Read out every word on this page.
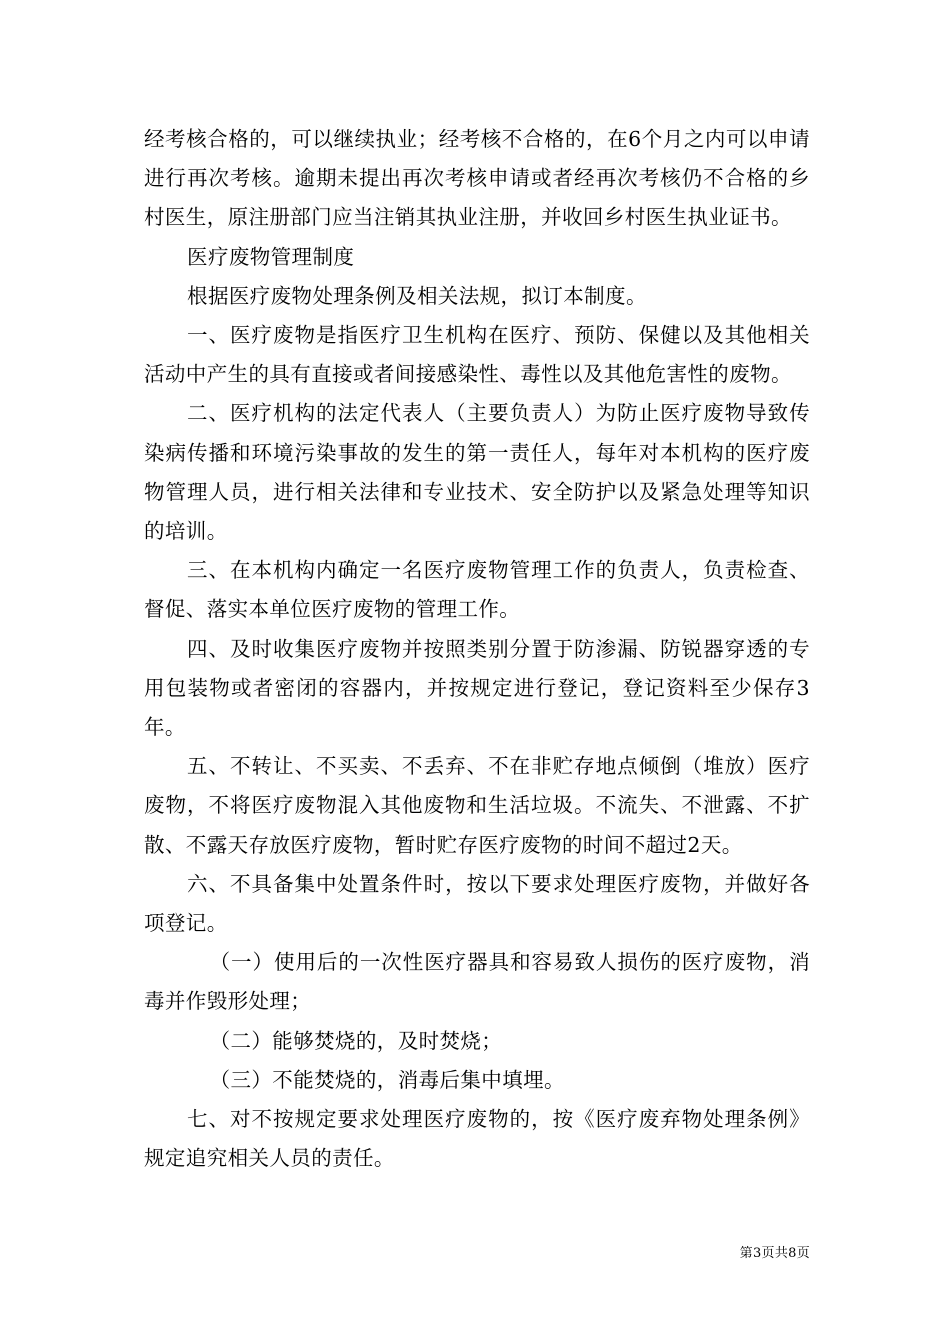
经考核合格的，可以继续执业；经考核不合格的，在6个月之内可以申请进行再次考核。逾期未提出再次考核申请或者经再次考核仍不合格的乡村医生，原注册部门应当注销其执业注册，并收回乡村医生执业证书。

医疗废物管理制度

根据医疗废物处理条例及相关法规，拟订本制度。

一、医疗废物是指医疗卫生机构在医疗、预防、保健以及其他相关活动中产生的具有直接或者间接感染性、毒性以及其他危害性的废物。

二、医疗机构的法定代表人（主要负责人）为防止医疗废物导致传染病传播和环境污染事故的发生的第一责任人，每年对本机构的医疗废物管理人员，进行相关法律和专业技术、安全防护以及紧急处理等知识的培训。

三、在本机构内确定一名医疗废物管理工作的负责人，负责检查、督促、落实本单位医疗废物的管理工作。

四、及时收集医疗废物并按照类别分置于防渗漏、防锐器穿透的专用包装物或者密闭的容器内，并按规定进行登记，登记资料至少保存3年。

五、不转让、不买卖、不丢弃、不在非贮存地点倾倒（堆放）医疗废物，不将医疗废物混入其他废物和生活垃圾。不流失、不泄露、不扩散、不露天存放医疗废物，暂时贮存医疗废物的时间不超过2天。

六、不具备集中处置条件时，按以下要求处理医疗废物，并做好各项登记。

（一）使用后的一次性医疗器具和容易致人损伤的医疗废物，消毒并作毁形处理；

（二）能够焚烧的，及时焚烧；

（三）不能焚烧的，消毒后集中填埋。

七、对不按规定要求处理医疗废物的，按《医疗废弃物处理条例》规定追究相关人员的责任。

第3页共8页
